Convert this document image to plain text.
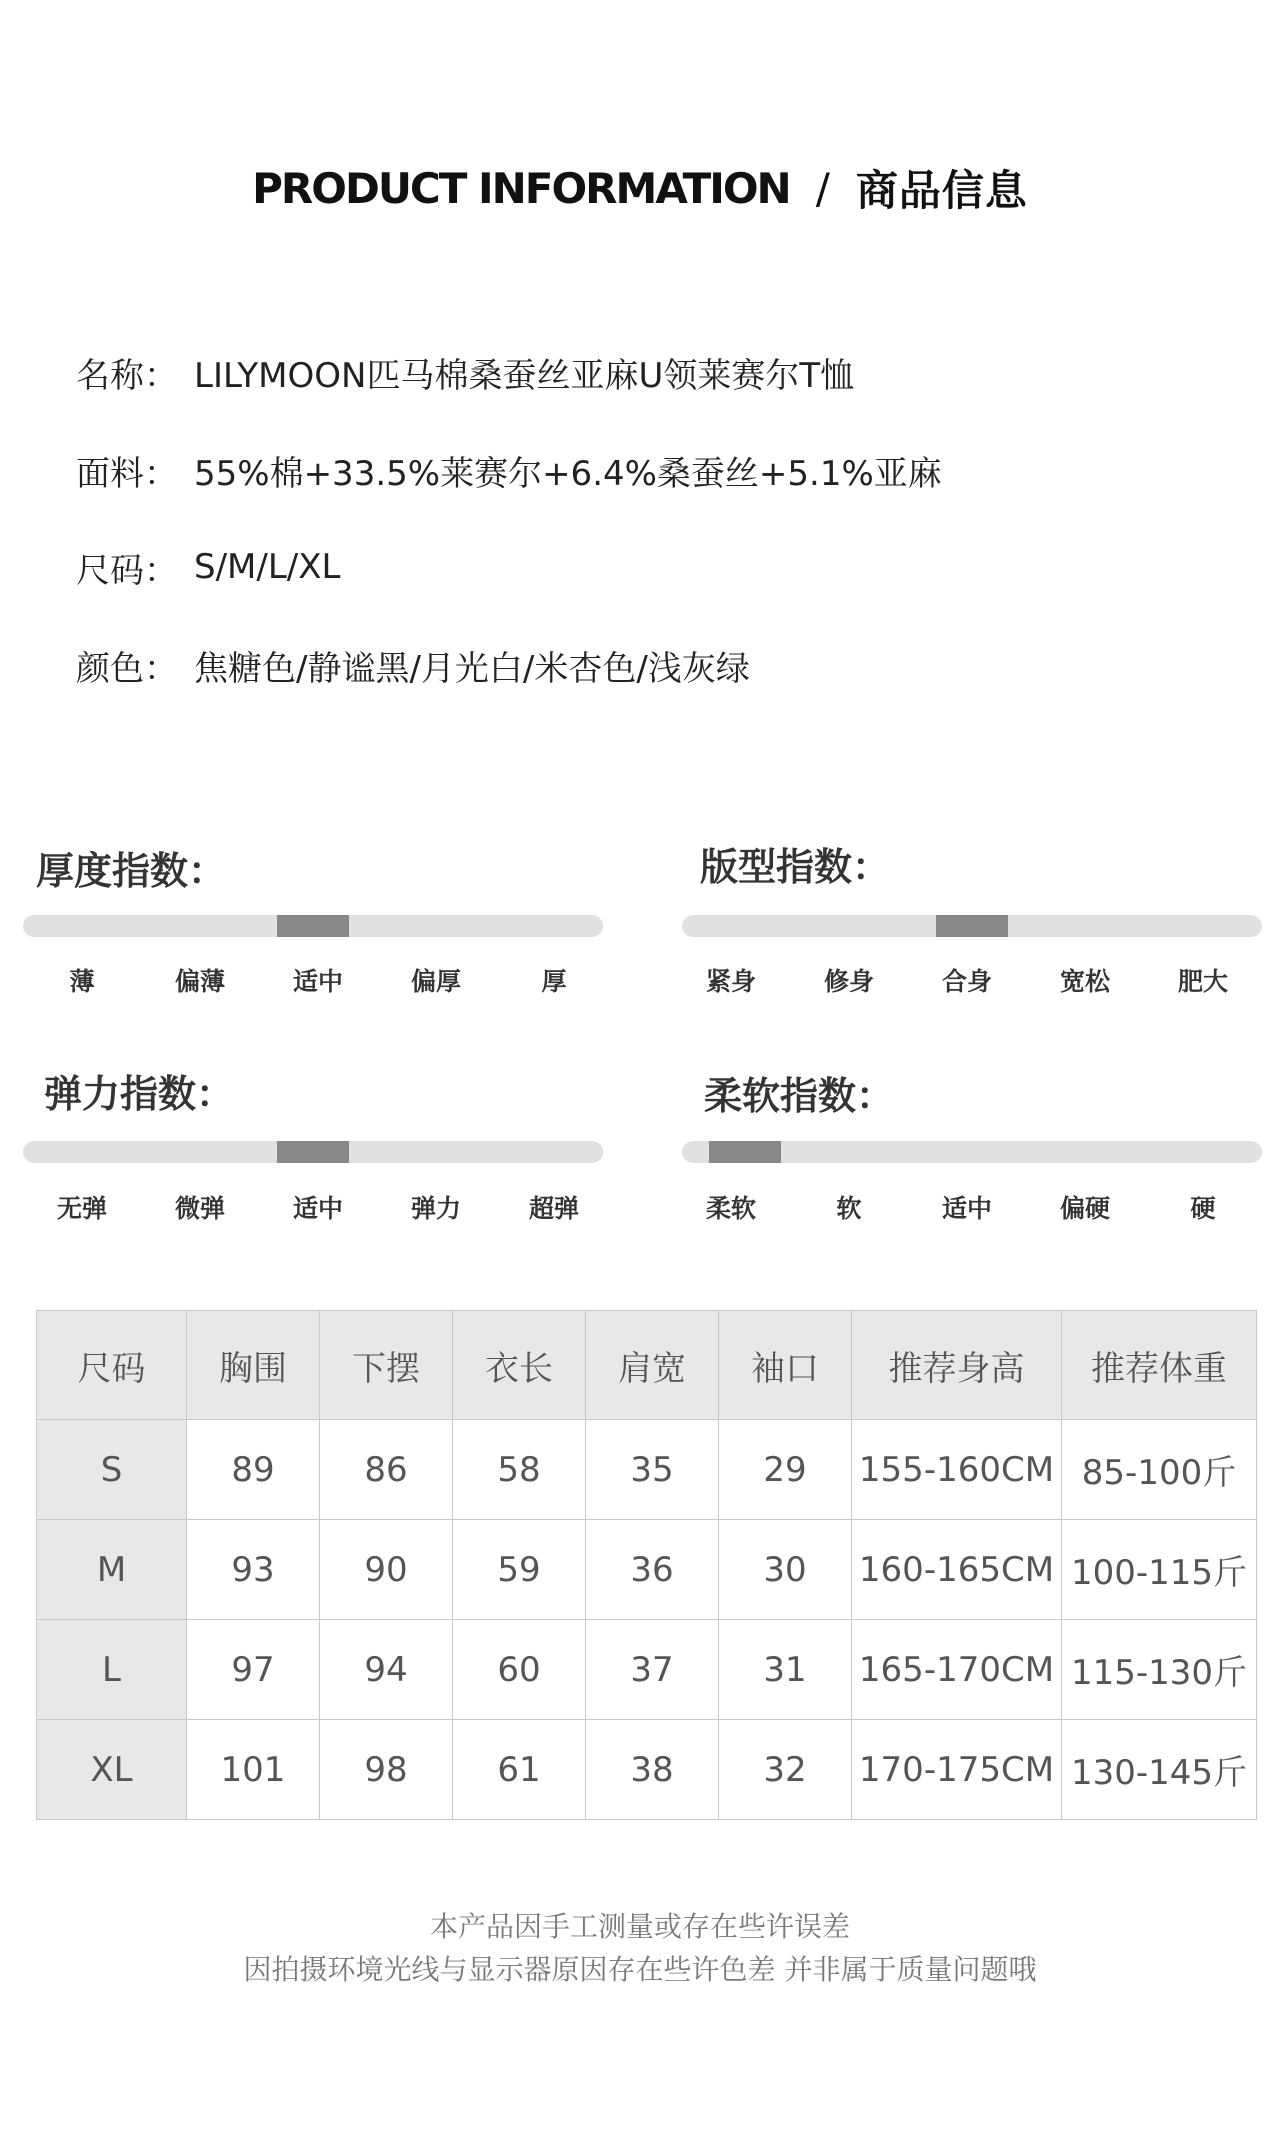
PRODUCT INFORMATION / 商品信息
名称： LILYMOON匹马棉桑蚕丝亚麻U领莱赛尔T恤
面料： 55%棉+33.5%莱赛尔+6.4%桑蚕丝+5.1%亚麻
尺码： S/M/L/XL
颜色： 焦糖色/静谧黑/月光白/米杏色/浅灰绿
厚度指数：
薄	偏薄	适中	偏厚	厚
版型指数：
紧身	修身	合身	宽松	肥大
弹力指数：
无弹	微弹	适中	弹力	超弹
柔软指数：
柔软	软	适中	偏硬	硬
尺码	胸围	下摆	衣长	肩宽	袖口	推荐身高	推荐体重
S	89	86	58	35	29	155-160CM	85-100斤
M	93	90	59	36	30	160-165CM	100-115斤
L	97	94	60	37	31	165-170CM	115-130斤
XL	101	98	61	38	32	170-175CM	130-145斤
本产品因手工测量或存在些许误差
因拍摄环境光线与显示器原因存在些许色差 并非属于质量问题哦
